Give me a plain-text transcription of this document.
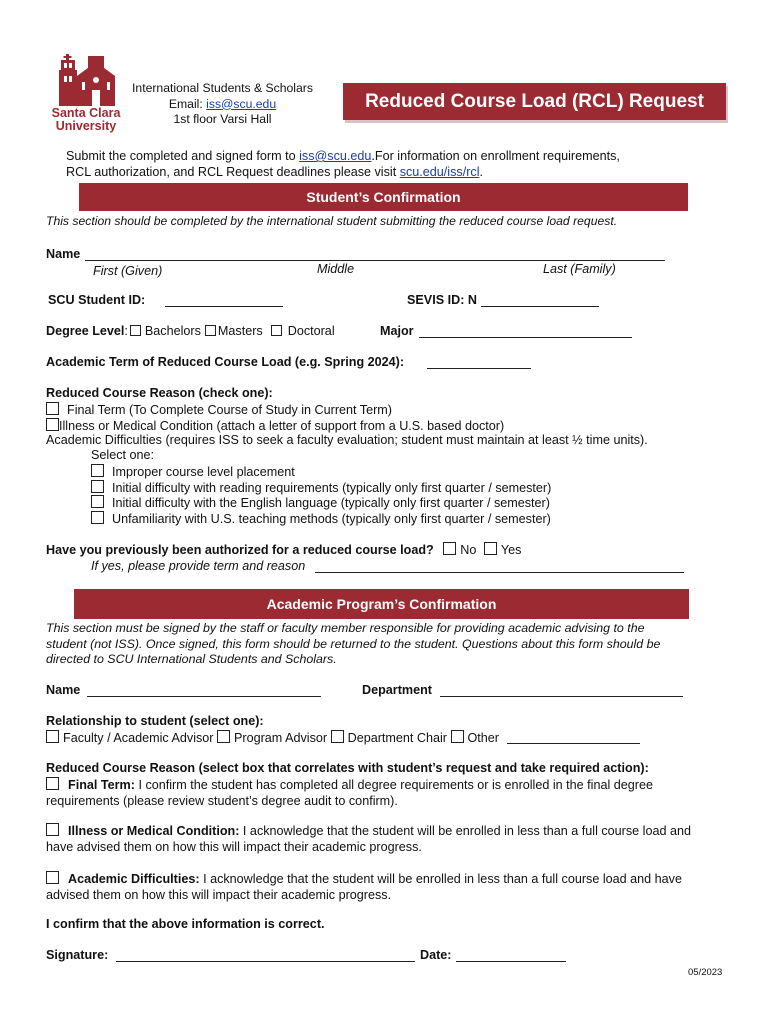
Santa Clara
University
International Students & Scholars
Email: iss@scu.edu
1st floor Varsi Hall
Reduced Course Load (RCL) Request
Submit the completed and signed form to iss@scu.edu.For information on enrollment requirements,
RCL authorization, and RCL Request deadlines please visit scu.edu/iss/rcl.
Student’s Confirmation
This section should be completed by the international student submitting the reduced course load request.
Name
First (Given)	Middle	Last (Family)
SCU Student ID:	SEVIS ID: N
Degree Level: Bachelors Masters Doctoral	Major
Academic Term of Reduced Course Load (e.g. Spring 2024):
Reduced Course Reason (check one):
Final Term (To Complete Course of Study in Current Term)
Illness or Medical Condition (attach a letter of support from a U.S. based doctor)
Academic Difficulties (requires ISS to seek a faculty evaluation; student must maintain at least ½ time units).
Select one:
Improper course level placement
Initial difficulty with reading requirements (typically only first quarter / semester)
Initial difficulty with the English language (typically only first quarter / semester)
Unfamiliarity with U.S. teaching methods (typically only first quarter / semester)
Have you previously been authorized for a reduced course load? No Yes
If yes, please provide term and reason
Academic Program’s Confirmation
This section must be signed by the staff or faculty member responsible for providing academic advising to the
student (not ISS). Once signed, this form should be returned to the student. Questions about this form should be
directed to SCU International Students and Scholars.
Name	Department
Relationship to student (select one):
Faculty / Academic Advisor Program Advisor Department Chair Other
Reduced Course Reason (select box that correlates with student’s request and take required action):
Final Term: I confirm the student has completed all degree requirements or is enrolled in the final degree
requirements (please review student’s degree audit to confirm).
Illness or Medical Condition: I acknowledge that the student will be enrolled in less than a full course load and
have advised them on how this will impact their academic progress.
Academic Difficulties: I acknowledge that the student will be enrolled in less than a full course load and have
advised them on how this will impact their academic progress.
I confirm that the above information is correct.
Signature:	Date:
05/2023
